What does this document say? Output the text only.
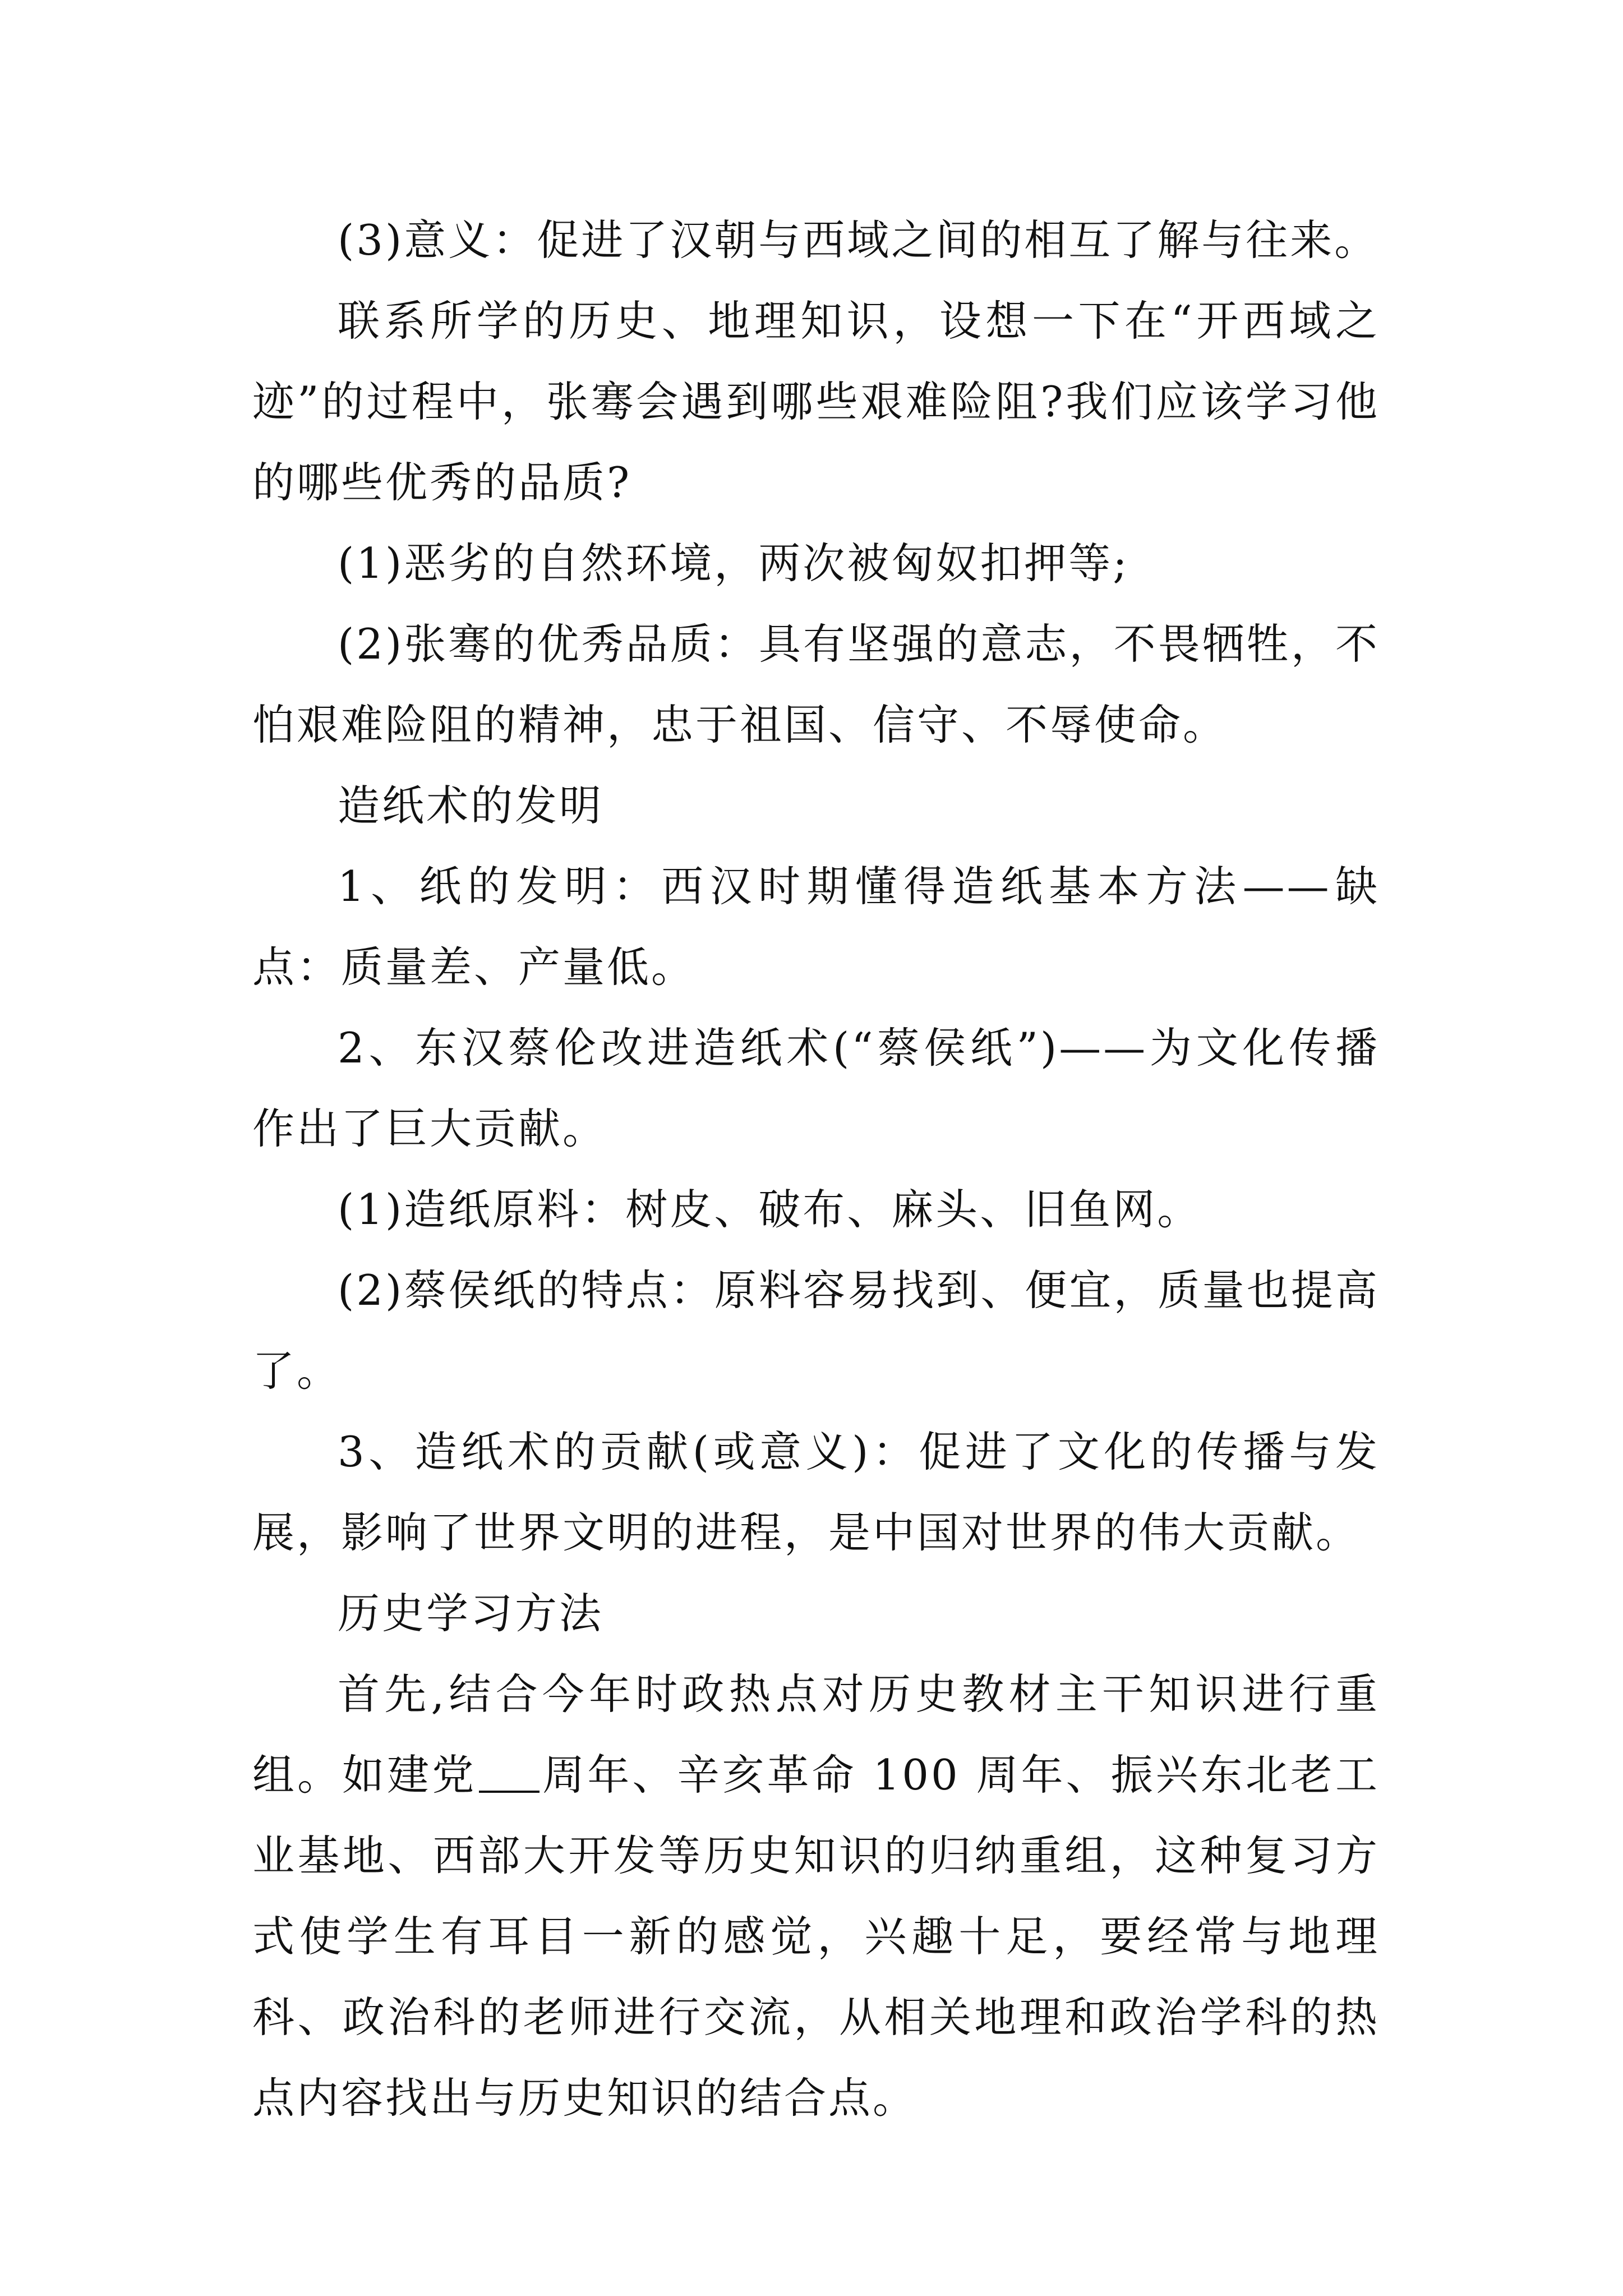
(3)意义：促进了汉朝与西域之间的相互了解与往来。

联系所学的历史、地理知识，设想一下在“开西域之迹”的过程中，张骞会遇到哪些艰难险阻?我们应该学习他的哪些优秀的品质?

(1)恶劣的自然环境，两次被匈奴扣押等;

(2)张骞的优秀品质：具有坚强的意志，不畏牺牲，不怕艰难险阻的精神，忠于祖国、信守、不辱使命。

造纸术的发明

1、纸的发明：西汉时期懂得造纸基本方法——缺点：质量差、产量低。

2、东汉蔡伦改进造纸术(“蔡侯纸”)——为文化传播作出了巨大贡献。

(1)造纸原料：树皮、破布、麻头、旧鱼网。

(2)蔡侯纸的特点：原料容易找到、便宜，质量也提高了。

3、造纸术的贡献(或意义)：促进了文化的传播与发展，影响了世界文明的进程，是中国对世界的伟大贡献。

历史学习方法

首先,结合今年时政热点对历史教材主干知识进行重组。如建党 周年、辛亥革命 100 周年、振兴东北老工业基地、西部大开发等历史知识的归纳重组，这种复习方式使学生有耳目一新的感觉，兴趣十足，要经常与地理科、政治科的老师进行交流，从相关地理和政治学科的热点内容找出与历史知识的结合点。
